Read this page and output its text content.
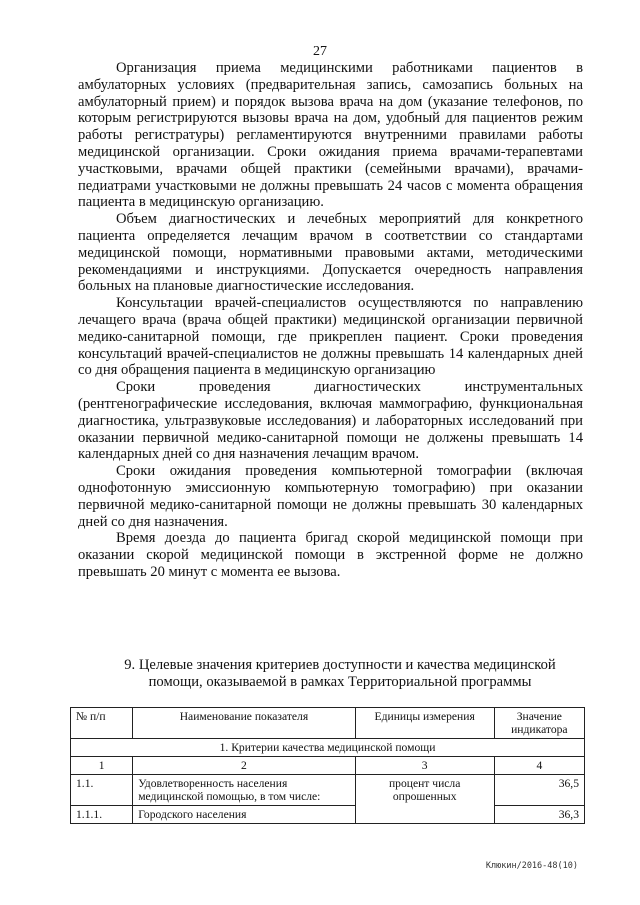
27

Организация приема медицинскими работниками пациентов в амбулаторных условиях (предварительная запись, самозапись больных на амбулаторный прием) и порядок вызова врача на дом (указание телефонов, по которым регистрируются вызовы врача на дом, удобный для пациентов режим работы регистратуры) регламентируются внутренними правилами работы медицинской организации. Сроки ожидания приема врачами-терапевтами участковыми, врачами общей практики (семейными врачами), врачами-педиатрами участковыми не должны превышать 24 часов с момента обращения пациента в медицинскую организацию.

Объем диагностических и лечебных мероприятий для конкретного пациента определяется лечащим врачом в соответствии со стандартами медицинской помощи, нормативными правовыми актами, методическими рекомендациями и инструкциями. Допускается очередность направления больных на плановые диагностические исследования.

Консультации врачей-специалистов осуществляются по направлению лечащего врача (врача общей практики) медицинской организации первичной медико-санитарной помощи, где прикреплен пациент. Сроки проведения консультаций врачей-специалистов не должны превышать 14 календарных дней со дня обращения пациента в медицинскую организацию

Сроки проведения диагностических инструментальных (рентгенографические исследования, включая маммографию, функциональная диагностика, ультразвуковые исследования) и лабораторных исследований при оказании первичной медико-санитарной помощи не должены превышать 14 календарных дней со дня назначения лечащим врачом.

Сроки ожидания проведения компьютерной томографии (включая однофотонную эмиссионную компьютерную томографию) при оказании первичной медико-санитарной помощи не должны превышать 30 календарных дней со дня назначения.

Время доезда до пациента бригад скорой медицинской помощи при оказании скорой медицинской помощи в экстренной форме не должно превышать 20 минут с момента ее вызова.

9. Целевые значения критериев доступности и качества медицинской помощи, оказываемой в рамках Территориальной программы

№ п/п	Наименование показателя	Единицы измерения	Значение индикатора
1. Критерии качества медицинской помощи			
1	2	3	4
1.1.	Удовлетворенность населения медицинской помощью, в том числе:	процент числа опрошенных	36,5
1.1.1.	Городского населения		36,3
Клюкин/2016-48(10)
